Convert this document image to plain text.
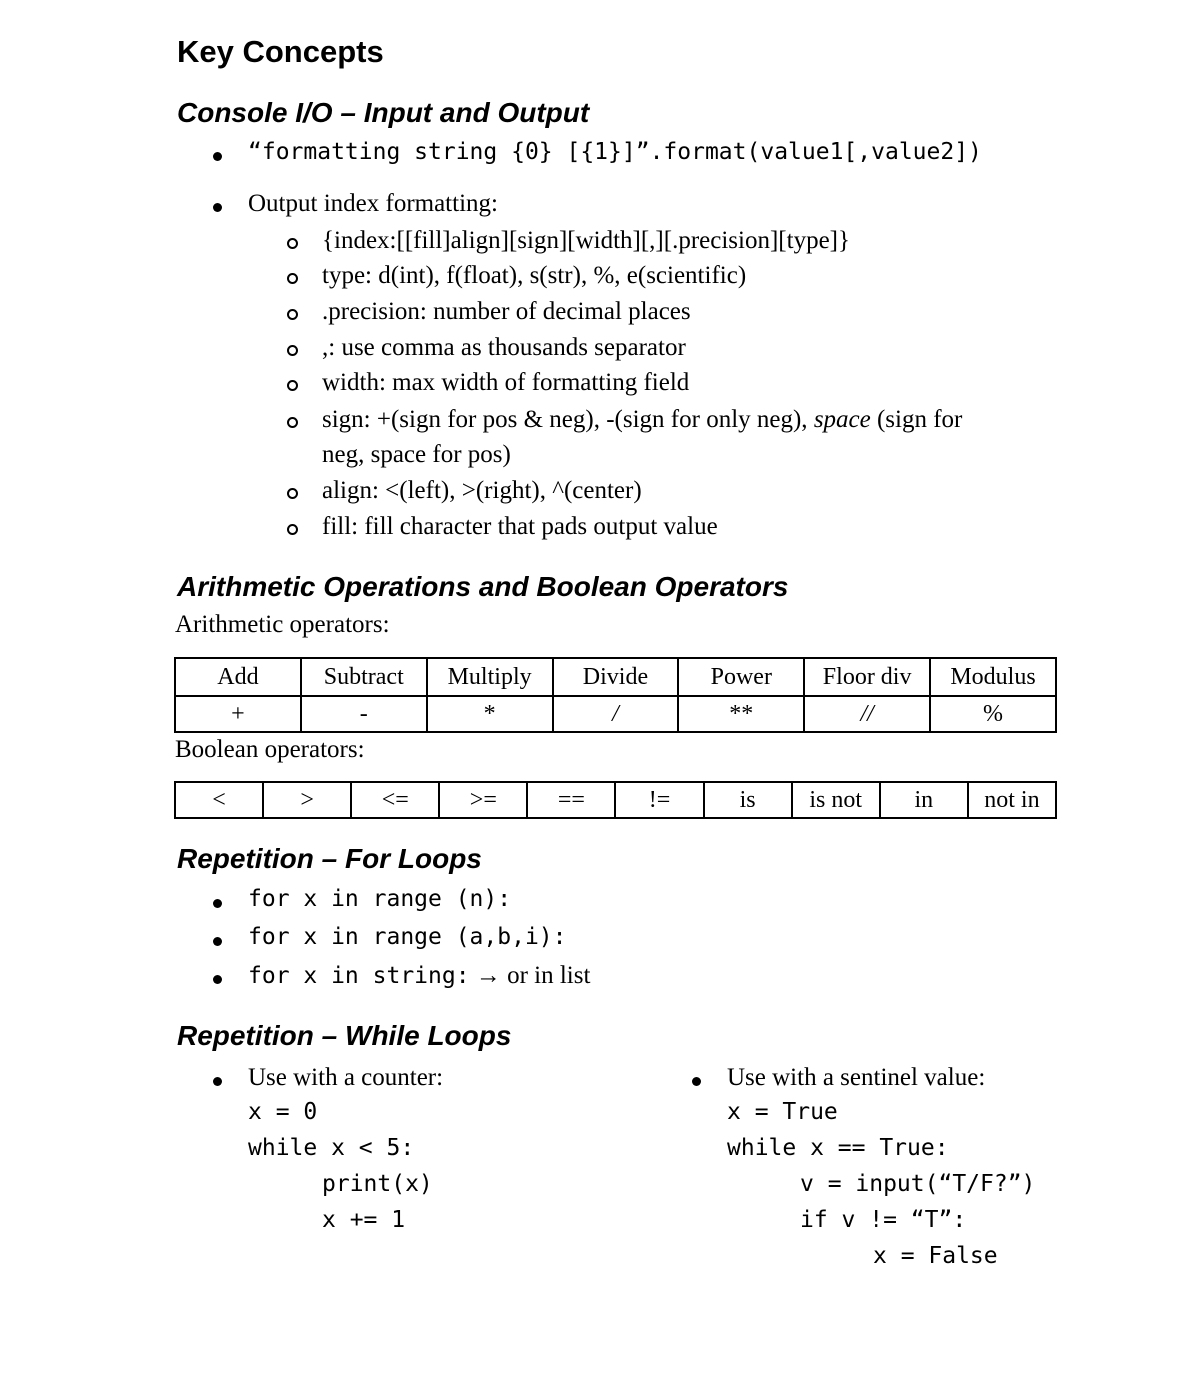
Key Concepts
Console I/O – Input and Output
“formatting string {0} [{1}]”.format(value1[,value2])
Output index formatting:
{index:[[fill]align][sign][width][,][.precision][type]}
type: d(int), f(float), s(str), %, e(scientific)
.precision: number of decimal places
,: use comma as thousands separator
width: max width of formatting field
sign: +(sign for pos & neg), -(sign for only neg), space (sign for
neg, space for pos)
align: <(left), >(right), ^(center)
fill: fill character that pads output value
Arithmetic Operations and Boolean Operators
Arithmetic operators:
Add	Subtract	Multiply	Divide	Power	Floor div	Modulus
+	-	*	/	**	//	%
Boolean operators:
<	>	<=	>=	==	!=	is	is not	in	not in
Repetition – For Loops
for x in range (n):
for x in range (a,b,i):
for x in string: → or in list
Repetition – While Loops
Use with a counter:
x = 0
while x < 5:
print(x)
x += 1
Use with a sentinel value:
x = True
while x == True:
v = input(“T/F?”)
if v != “T”:
x = False
